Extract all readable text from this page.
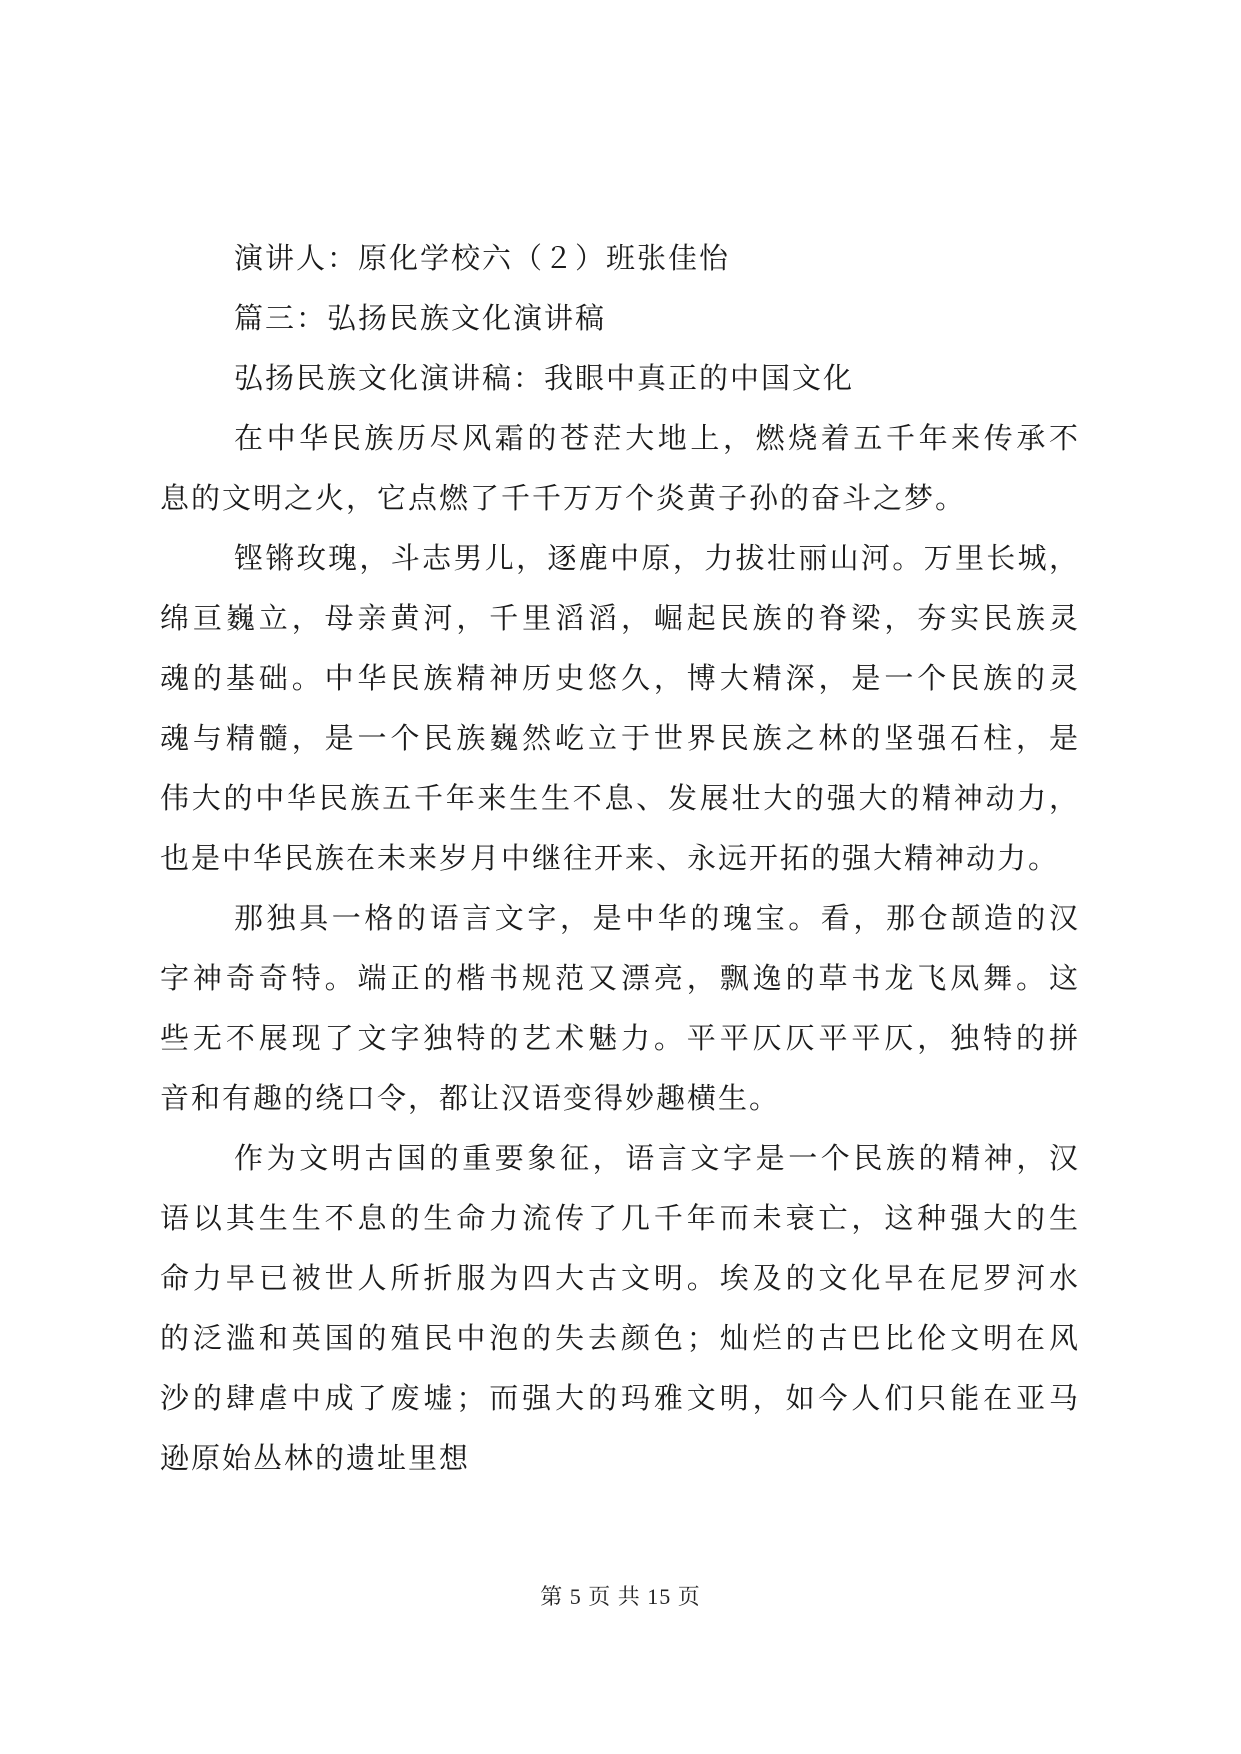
演讲人：原化学校六（２）班张佳怡
篇三：弘扬民族文化演讲稿
弘扬民族文化演讲稿：我眼中真正的中国文化
在中华民族历尽风霜的苍茫大地上，燃烧着五千年来传承不
息的文明之火，它点燃了千千万万个炎黄子孙的奋斗之梦。
铿锵玫瑰，斗志男儿，逐鹿中原，力拔壮丽山河。万里长城，
绵亘巍立，母亲黄河，千里滔滔，崛起民族的脊梁，夯实民族灵
魂的基础。中华民族精神历史悠久，博大精深，是一个民族的灵
魂与精髓，是一个民族巍然屹立于世界民族之林的坚强石柱，是
伟大的中华民族五千年来生生不息、发展壮大的强大的精神动力，
也是中华民族在未来岁月中继往开来、永远开拓的强大精神动力。
那独具一格的语言文字，是中华的瑰宝。看，那仓颉造的汉
字神奇奇特。端正的楷书规范又漂亮，飘逸的草书龙飞凤舞。这
些无不展现了文字独特的艺术魅力。平平仄仄平平仄，独特的拼
音和有趣的绕口令，都让汉语变得妙趣横生。
作为文明古国的重要象征，语言文字是一个民族的精神，汉
语以其生生不息的生命力流传了几千年而未衰亡，这种强大的生
命力早已被世人所折服为四大古文明。埃及的文化早在尼罗河水
的泛滥和英国的殖民中泡的失去颜色；灿烂的古巴比伦文明在风
沙的肆虐中成了废墟；而强大的玛雅文明，如今人们只能在亚马
逊原始丛林的遗址里想
第 5 页 共 15 页
